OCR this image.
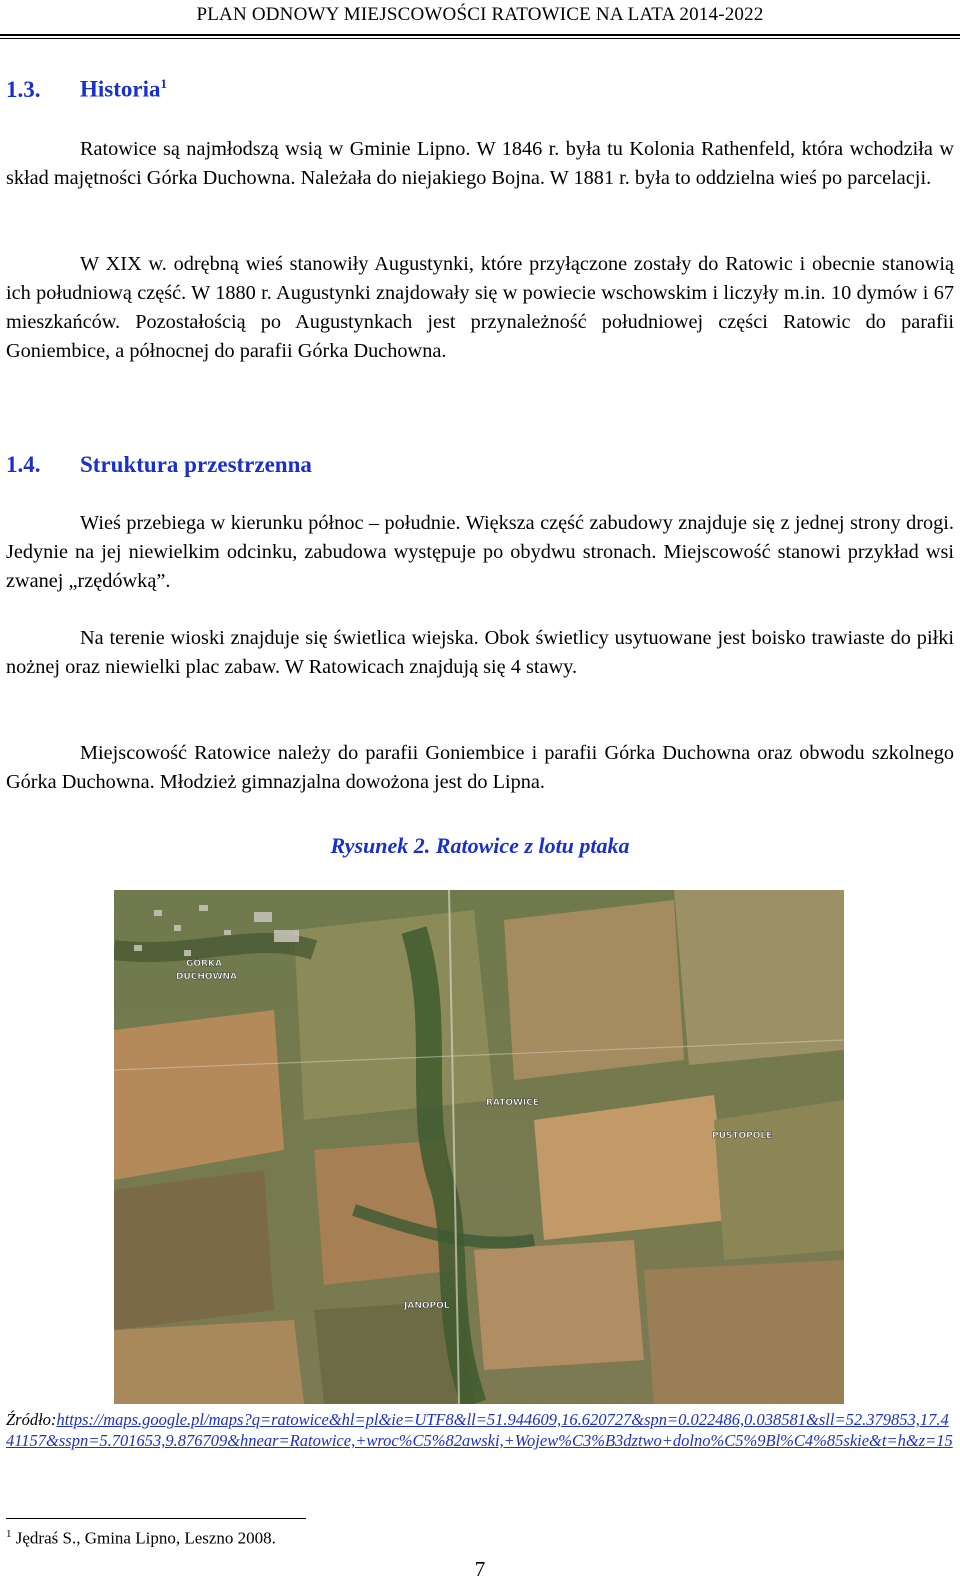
PLAN ODNOWY MIEJSCOWOŚCI RATOWICE NA LATA 2014-2022
1.3. Historia$^1$
Ratowice są najmłodszą wsią w Gminie Lipno. W 1846 r. była tu Kolonia Rathenfeld, która wchodziła w skład majętności Górka Duchowna. Należała do niejakiego Bojna. W 1881 r. była to oddzielna wieś po parcelacji.
W XIX w. odrębną wieś stanowiły Augustynki, które przyłączone zostały do Ratowic i obecnie stanowią ich południową część. W 1880 r. Augustynki znajdowały się w powiecie wschowskim i liczyły m.in. 10 dymów i 67 mieszkańców. Pozostałością po Augustynkach jest przynależność południowej części Ratowic do parafii Goniembice, a północnej do parafii Górka Duchowna.
1.4. Struktura przestrzenna
Wieś przebiega w kierunku północ – południe. Większa część zabudowy znajduje się z jednej strony drogi. Jedynie na jej niewielkim odcinku, zabudowa występuje po obydwu stronach. Miejscowość stanowi przykład wsi zwanej „rzędówką”.
Na terenie wioski znajduje się świetlica wiejska. Obok świetlicy usytuowane jest boisko trawiaste do piłki nożnej oraz niewielki plac zabaw. W Ratowicach znajdują się 4 stawy.
Miejscowość Ratowice należy do parafii Goniembice i parafii Górka Duchowna oraz obwodu szkolnego Górka Duchowna. Młodzież gimnazjalna dowożona jest do Lipna.
Rysunek 2. Ratowice z lotu ptaka
GÓRKA
DUCHOWNA
RATOWICE
PUSTOPOLE
JANOPOL
Źródło:https://maps.google.pl/maps?q=ratowice&hl=pl&ie=UTF8&ll=51.944609,16.620727&spn=0.022486,0.038581&sll=52.379853,17.441157&sspn=5.701653,9.876709&hnear=Ratowice,+wroc%C5%82awski,+Wojew%C3%B3dztwo+dolno%C5%9Bl%C4%85skie&t=h&z=15
$^1$ Jędraś S., Gmina Lipno, Leszno 2008.
7
